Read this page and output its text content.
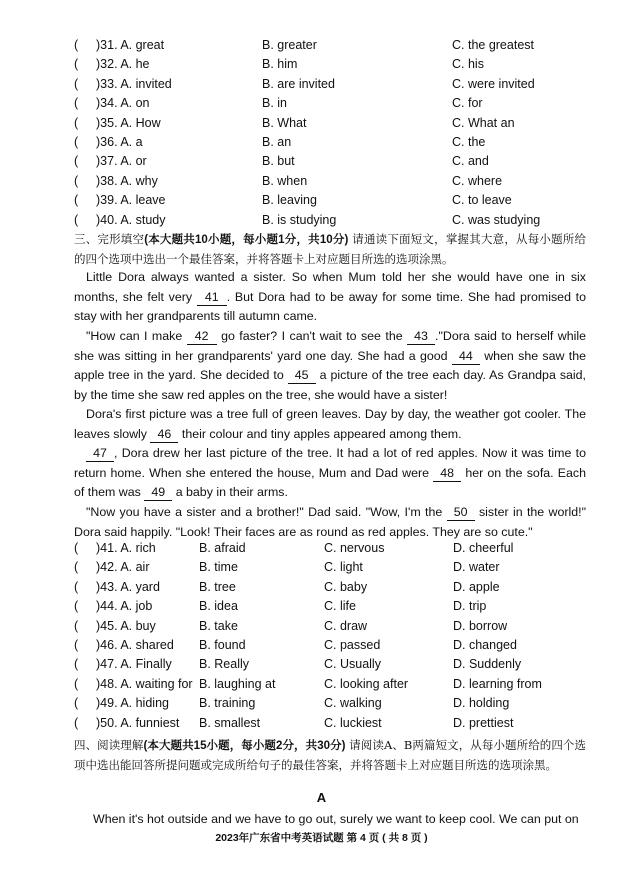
( )31. A. great	B. greater	C. the greatest
( )32. A. he	B. him	C. his
( )33. A. invited	B. are invited	C. were invited
( )34. A. on	B. in	C. for
( )35. A. How	B. What	C. What an
( )36. A. a	B. an	C. the
( )37. A. or	B. but	C. and
( )38. A. why	B. when	C. where
( )39. A. leave	B. leaving	C. to leave
( )40. A. study	B. is studying	C. was studying
三、完形填空(本大题共10小题，每小题1分，共10分) 请通读下面短文，掌握其大意，从每小题所给的四个选项中选出一个最佳答案，并将答题卡上对应题目所选的选项涂黑。
Little Dora always wanted a sister. So when Mum told her she would have one in six months, she felt very 41 . But Dora had to be away for some time. She had promised to stay with her grandparents till autumn came.
"How can I make 42 go faster? I can't wait to see the 43 ."Dora said to herself while she was sitting in her grandparents' yard one day. She had a good 44 when she saw the apple tree in the yard. She decided to 45 a picture of the tree each day. As Grandpa said, by the time she saw red apples on the tree, she would have a sister!
Dora's first picture was a tree full of green leaves. Day by day, the weather got cooler. The leaves slowly 46 their colour and tiny apples appeared among them.
47 , Dora drew her last picture of the tree. It had a lot of red apples. Now it was time to return home. When she entered the house, Mum and Dad were 48 her on the sofa. Each of them was 49 a baby in their arms.
"Now you have a sister and a brother!" Dad said. "Wow, I'm the 50 sister in the world!" Dora said happily. "Look! Their faces are as round as red apples. They are so cute."
( )41. A. rich	B. afraid	C. nervous	D. cheerful
( )42. A. air	B. time	C. light	D. water
( )43. A. yard	B. tree	C. baby	D. apple
( )44. A. job	B. idea	C. life	D. trip
( )45. A. buy	B. take	C. draw	D. borrow
( )46. A. shared B. found	C. passed	D. changed
( )47. A. Finally B. Really	C. Usually	D. Suddenly
( )48. A. waiting for B. laughing at	C. looking after	D. learning from
( )49. A. hiding B. training	C. walking	D. holding
( )50. A. funniest B. smallest	C. luckiest	D. prettiest
四、阅读理解(本大题共15小题，每小题2分，共30分) 请阅读A、B两篇短文，从每小题所给的四个选项中选出能回答所提问题或完成所给句子的最佳答案，并将答题卡上对应题目所选的选项涂黑。
A
When it's hot outside and we have to go out, surely we want to keep cool. We can put on
2023年广东省中考英语试题 第 4 页 ( 共 8 页 )
